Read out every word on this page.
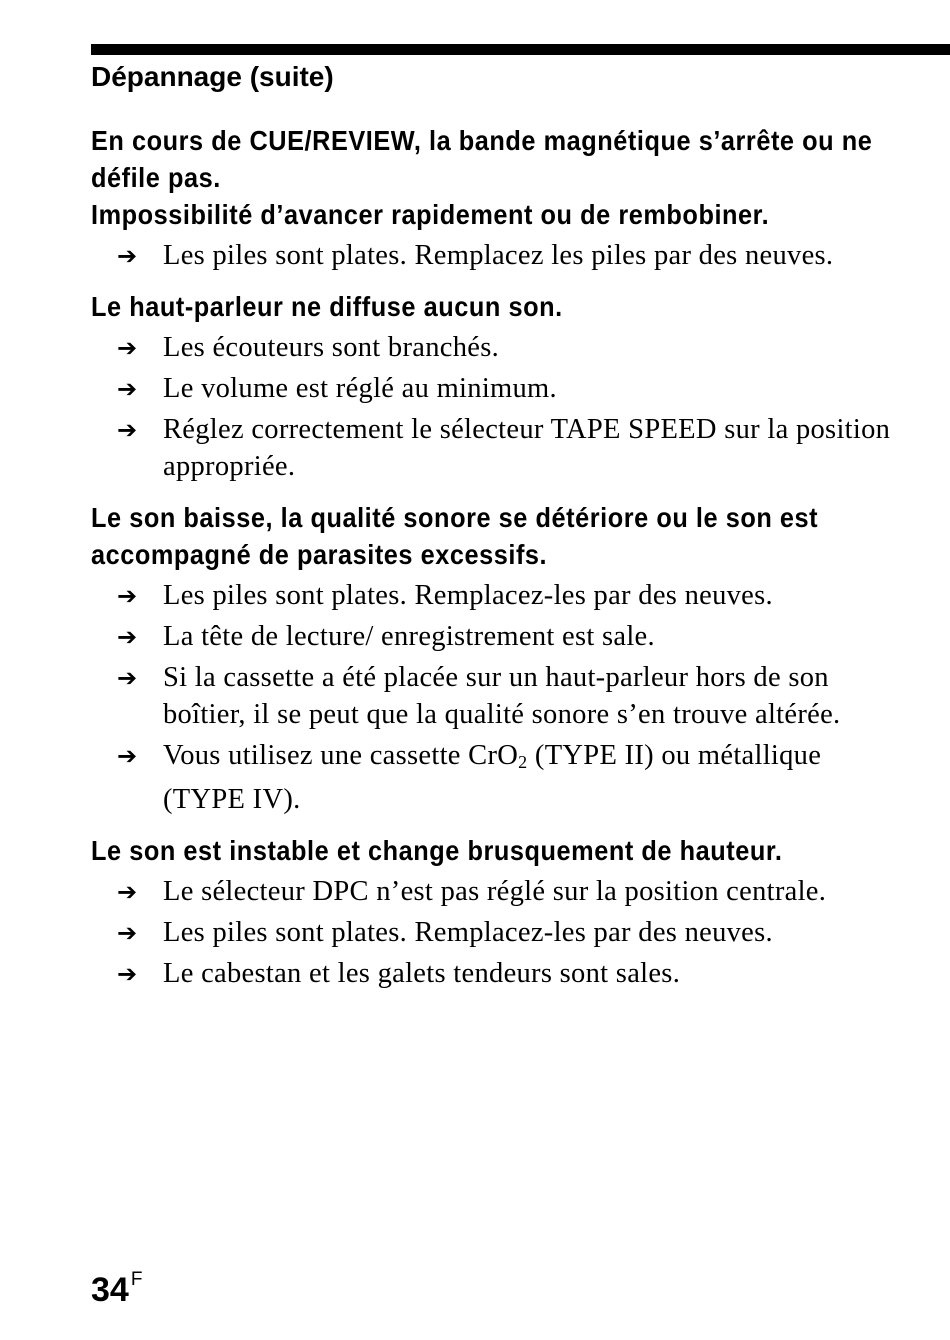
Dépannage (suite)
En cours de CUE/REVIEW, la bande magnétique s’arrête ou ne défile pas.
Impossibilité d’avancer rapidement ou de rembobiner.
➔ Les piles sont plates. Remplacez les piles par des neuves.
Le haut-parleur ne diffuse aucun son.
➔ Les écouteurs sont branchés.
➔ Le volume est réglé au minimum.
➔ Réglez correctement le sélecteur TAPE SPEED sur la position appropriée.
Le son baisse, la qualité sonore se détériore ou le son est accompagné de parasites excessifs.
➔ Les piles sont plates. Remplacez-les par des neuves.
➔ La tête de lecture/ enregistrement est sale.
➔ Si la cassette a été placée sur un haut-parleur hors de son boîtier, il se peut que la qualité sonore s’en trouve altérée.
➔ Vous utilisez une cassette CrO$_2$ (TYPE II) ou métallique (TYPE IV).
Le son est instable et change brusquement de hauteur.
➔ Le sélecteur DPC n’est pas réglé sur la position centrale.
➔ Les piles sont plates. Remplacez-les par des neuves.
➔ Le cabestan et les galets tendeurs sont sales.
34 $^F$
